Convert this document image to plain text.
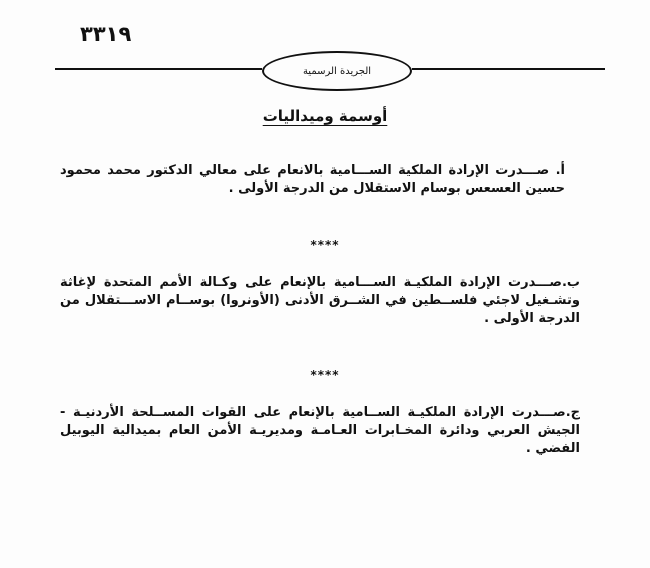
٣٣١٩
الجريدة الرسمية
أوسمة وميداليات
أ. صـــدرت الإرادة الملكية الســـامية بالانعام على معالي الدكتور محمد محمود حسين العسعس بوسام الاستقلال من الدرجة الأولى .
****
ب.صـــدرت الإرادة الملكيـة الســـامية بالإنعام على وكـالة الأمم المتحدة لإغاثة وتشـغيل لاجئي فلســطين في الشــرق الأدنى (الأونروا) بوســام الاســـتقلال من الدرجة الأولى .
****
ج.صـــدرت الإرادة الملكيـة الســامية بالإنعام على القوات المســلحة الأردنيـة - الجيش العربي ودائرة المخـابرات العـامـة ومديريـة الأمن العام بميدالية اليوبيل الفضي .
